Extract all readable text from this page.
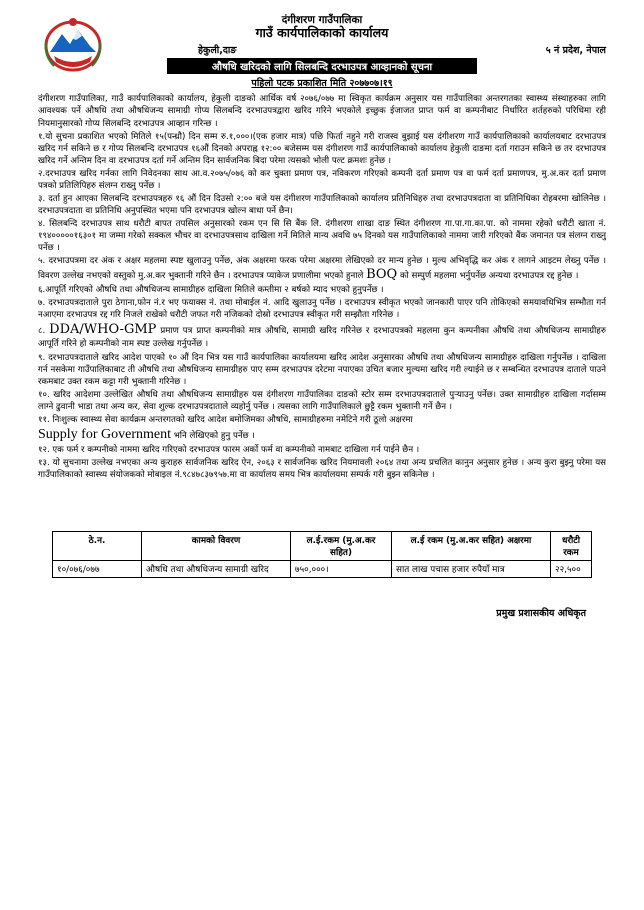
दंगीशरण गाउँपालिका
गाउँ कार्यपालिकाको कार्यालय
हेकुली,दाङ	५ नं प्रदेश, नेपाल
औषधि खरिदको लागि सिलबन्दि दरभाउपत्र आव्हानको सूचना
पहिलो पटक प्रकाशित मिति २०७७०७।१९

दंगीशरण गाउँपालिका, गाउँ कार्यपालिकाको कार्यालय, हेकुली दाङको आर्थिक वर्ष २०७६/०७७ मा स्विकृत कार्यक्रम अनुसार यस गाउँपालिका अन्तरगतका स्वास्थ्य संस्थाहरुका लागि आवश्यक पर्ने औषधि तथा औषधिजन्य सामाग्री गोप्य सिलबन्दि दरभाउपत्रद्वारा खरिद गरिने भएकोले इच्छुक ईजाजत प्राप्त फर्म वा कम्पनीबाट निर्धारित शर्तहरुको परिधिमा रही नियमानुसारको गोप्य सिलबन्दि दरभाउपत्र आव्हान गरिन्छ ।

१.यो सुचना प्रकाशित भएको मितिले १५(पन्ध्रौ) दिन सम्म रु.१,०००।(एक हजार मात्र) पछि फिर्ता नहुने गरी राजस्व बुझाई यस दंगीशरण गाउँ कार्यपालिकाको कार्यालयबाट दरभाउपत्र खरिद गर्न सकिने छ र गोप्य सिलबन्दि दरभाउपत्र १६औं दिनको अपराह्न १२:०० बजेसम्म यस दंगीशरण गाउँ कार्यपालिकाको कार्यालय हेकुली दाङमा दर्ता गराउन सकिने छ तर दरभाउपत्र खरिद गर्ने अन्तिम दिन वा दरभाउपत्र दर्ता गर्ने अन्तिम दिन सार्वजनिक बिदा परेमा त्यसको भोली पल्ट क्रमशः हुनेछ ।

२.दरभाउपत्र खरिद गर्नका लागि निवेदनका साथ आ.व.२०७५/०७६ को कर चुक्ता प्रमाण पत्र, नविकरण गरिएको कम्पनी दर्ता प्रमाण पत्र वा फर्म दर्ता प्रमाणपत्र, मु.अ.कर दर्ता प्रमाण पत्रको प्रतिलिपिहरु संलग्न राख्नु पर्नेछ ।

३. दर्ता हुन आएका सिलबन्दि दरभाउपत्रहरु १६ औं दिन दिउसो २:०० बजे यस दंगीशरण गाउँपालिकाको कार्यालय प्रतिनिधिहरु तथा दरभाउपत्रदाता वा प्रतिनिधिका रोहबरमा खोलिनेछ । दरभाउपत्रदाता वा प्रतिनिधि अनुपस्थित भएमा पनि दरभाउपत्र खोल्न बाधा पर्ने छैन।

४. सिलबन्दि दरभाउपत्र साथ धरौटी बापत तपसिल अनुसारको रकम एन सि सि बैंक लि. दंगीशरण शाखा दाङ स्थित दंगीशरण गा.पा.गा.का.पा. को नाममा रहेको धरौटी खाता नं. १९४०००००१६३०१ मा जम्मा गरेको सक्कल भौचर वा दरभाउपत्रसाथ दाखिला गर्ने मितिले मान्य अवधि ७५ दिनको यस गाउँपालिकाको नाममा जारी गरिएको बैंक जमानत पत्र संलग्न राख्नु पर्नेछ ।

५. दरभाउपत्रमा दर अंक र अक्षर महलमा स्पष्ट खुलाउनु पर्नेछ, अंक अक्षरमा फरक परेमा अक्षरमा लेखिएको दर मान्य हुनेछ । मुल्य अभिवृद्धि कर अंक र लागने आइटम लेख्नु पर्नेछ । विवरण उल्लेख नभएको वस्तुको मु.अ.कर भुक्तानी गरिने छैन । दरभाउपत्र प्याकेज प्रणालीमा भएको हुनाले BOQ को सम्पुर्ण महलमा भर्नुपर्नेछ अन्यथा दरभाउपत्र रद्द हुनेछ ।

६.आपूर्ति गरिएको औषधि तथा औषधिजन्य सामाग्रीहरु दाखिला मितिले कम्तीमा २ बर्षको म्याद भएको हुनुपर्नेछ ।

७. दरभाउपत्रदाताले पुरा ठेगाना,फोन नं.र भए फयाक्स नं. तथा मोबाईल नं. आदि खुलाउनु पर्नेछ । दरभाउपत्र स्वीकृत भएको जानकारी पाएर पनि तोकिएको समयावधिभित्र सम्भौता गर्न नआएमा दरभाउपत्र रद्द गरि निजले राखेको धरौटी जफत गरी नजिकको दोस्रो दरभाउपत्र स्वीकृत गरी सम्झौता गरिनेछ ।

८. DDA/WHO-GMP प्रमाण पत्र प्राप्त कम्पनीको मात्र औषधि, सामाग्री खरिद गरिनेछ र दरभाउपत्रको महलमा कुन कम्पनीका औषधि तथा औषधिजन्य सामाग्रीहरु आपूर्ति गरिने हो कम्पनीको नाम स्पष्ट उल्लेख गर्नुपर्नेछ ।

९. दरभाउपत्रदाताले खरिद आदेश पाएको १० औं दिन भित्र यस गाउँ कार्यपालिका कार्यालयमा खरिद आदेश अनुसारका औषधि तथा औषधिजन्य सामाग्रीहरु दाखिला गर्नुपर्नेछ । दाखिला गर्न नसकेमा गाउँपालिकाबाट ती औषधि तथा औषधिजन्य सामाग्रीहरु पाए सम्म दरभाउपत्र दरेटमा नपाएका उचित बजार मुल्यमा खरिद गरी ल्याईने छ र सम्बन्धित दरभाउपत्र दाताले पाउने रकमबाट उक्त रकम कट्टा गरी भुक्तानी गरिनेछ ।

१०. खरिद आदेशमा उल्लेखित औषधि तथा औषधिजन्य सामाग्रीहरु यस दंगीशरण गाउँपालिका दाङको स्टोर सम्म दरभाउपत्रदाताले पुऱ्याउनु पर्नेछ। उक्त सामाग्रीहरु दाखिला गर्दासम्म लाग्ने ढुवानी भाडा तथा अन्य कर, सेवा शुल्क दरभाउपत्रदाताले व्यहोर्नु पर्नेछ । त्यसका लागि गाउँपालिकाले छुट्टै रकम भुक्तानी गर्ने छैन ।

११. निःशुल्क स्वास्थ्य सेवा कार्यक्रम अन्तरगतको खरिद आदेश बमोजिमका औषधि, सामाग्रीहरुमा नमेटिने गरी ठूलो अक्षरमा
Supply for Government भनि लेखिएको हुनु पर्नेछ ।

१२. एक फर्म र कम्पनीको नाममा खरिद गरिएको दरभाउपत्र फारम अर्को फर्म वा कम्पनीको नामबाट दाखिला गर्न पाईने छैन ।

१३. यो सुचनामा उल्लेख नभएका अन्य कुराहरु सार्वजनिक खरिद ऐन, २०६३ र सार्वजनिक खरिद नियमावली २०६४ तथा अन्य प्रचलित कानुन अनुसार हुनेछ । अन्य कुरा बुझ्नु परेमा यस गाउँपालिकाको स्वास्थ्य संयोजकको मोबाइल नं.९८४७८३७९५७.मा वा कार्यालय समय भित्र कार्यालयमा सम्पर्क गरी बुझ्न सकिनेछ ।

ठे.न.	कामको विवरण	ल.ई.रकम (मु.अ.कर सहित)	ल.ई रकम (मु.अ.कर सहित) अक्षरमा	धरौटी रकम
१०/०७६/०७७	औषधि तथा औषधिजन्य सामाग्री खरिद	७५०,०००।	सात लाख पचास हजार रुपैयाँ मात्र	२२,५००
प्रमुख प्रशासकीय अधिकृत
